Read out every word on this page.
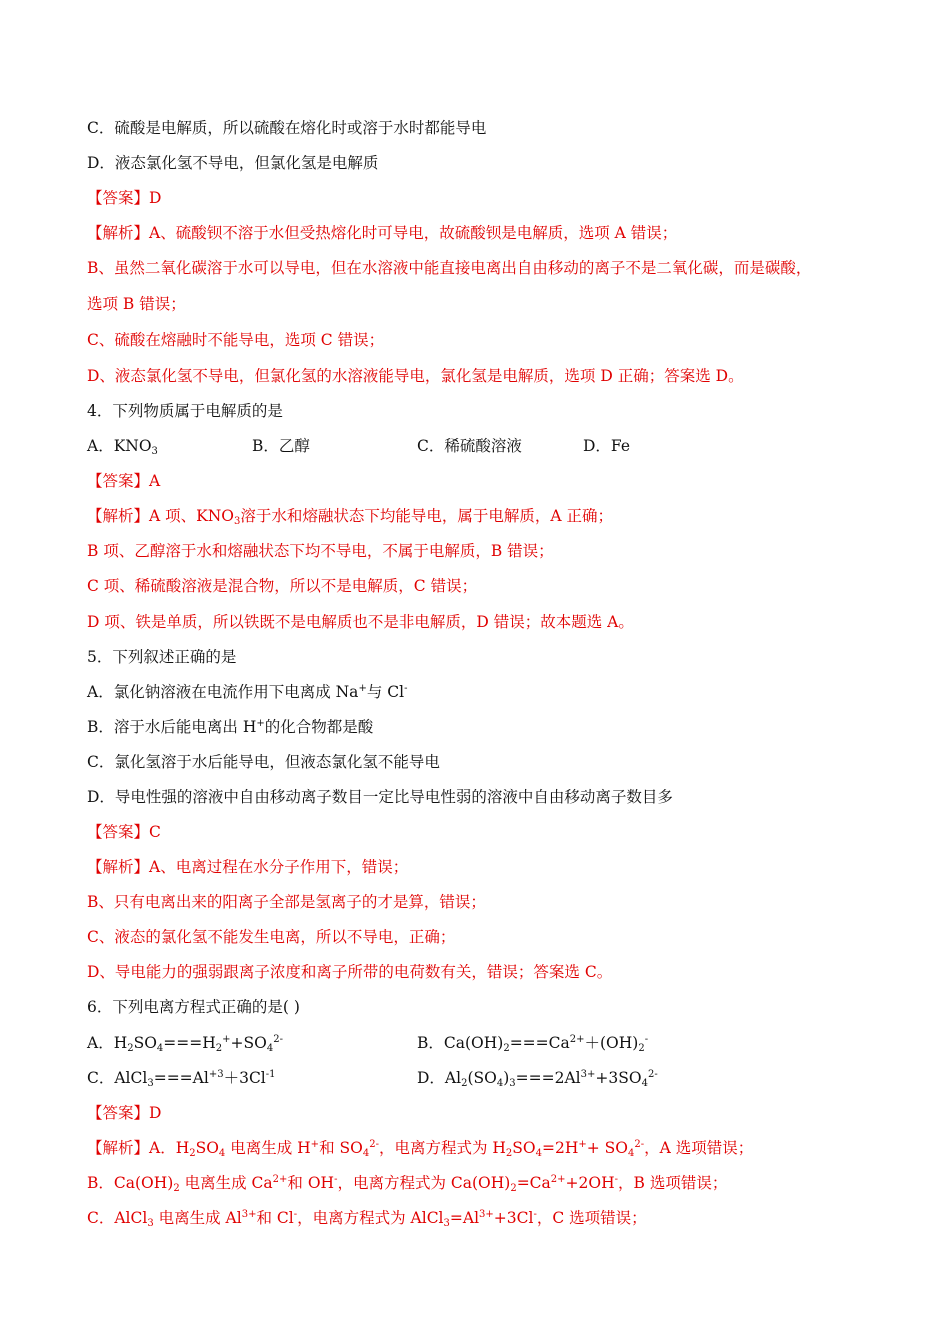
C．硫酸是电解质，所以硫酸在熔化时或溶于水时都能导电
D．液态氯化氢不导电，但氯化氢是电解质
【答案】D
【解析】A、硫酸钡不溶于水但受热熔化时可导电，故硫酸钡是电解质，选项 A 错误；
B、虽然二氧化碳溶于水可以导电，但在水溶液中能直接电离出自由移动的离子不是二氧化碳，而是碳酸，
选项 B 错误；
C、硫酸在熔融时不能导电，选项 C 错误；
D、液态氯化氢不导电，但氯化氢的水溶液能导电，氯化氢是电解质，选项 D 正确；答案选 D。
4．下列物质属于电解质的是
A．$KNO_3$	B．乙醇	C．稀硫酸溶液	D．Fe
【答案】A
【解析】A 项、$KNO_3$溶于水和熔融状态下均能导电，属于电解质，A 正确；
B 项、乙醇溶于水和熔融状态下均不导电，不属于电解质，B 错误；
C 项、稀硫酸溶液是混合物，所以不是电解质，C 错误；
D 项、铁是单质，所以铁既不是电解质也不是非电解质，D 错误；故本题选 A。
5．下列叙述正确的是
A．氯化钠溶液在电流作用下电离成 Na+与 Cl-
B．溶于水后能电离出 H+的化合物都是酸
C．氯化氢溶于水后能导电，但液态氯化氢不能导电
D．导电性强的溶液中自由移动离子数目一定比导电性弱的溶液中自由移动离子数目多
【答案】C
【解析】A、电离过程在水分子作用下，错误；
B、只有电离出来的阳离子全部是氢离子的才是算，错误；
C、液态的氯化氢不能发生电离，所以不导电，正确；
D、导电能力的强弱跟离子浓度和离子所带的电荷数有关，错误；答案选 C。
6．下列电离方程式正确的是( )
A．$H_2SO_4===H_2^++SO_4^{2-}$	B．$Ca(OH)_2===Ca^{2+}+(OH)_2^-$
C．$AlCl_3===Al^{+3}+3Cl^{-1}$	D．$Al_2(SO_4)_3===2Al^{3+}+3SO_4^{2-}$
【答案】D
【解析】A．$H_2SO_4$ 电离生成 H+和 $SO_4^{2-}$，电离方程式为 $H_2SO_4=2H^++ SO_4^{2-}$，A 选项错误；
B．$Ca(OH)_2$ 电离生成 $Ca^{2+}$和 OH-，电离方程式为 $Ca(OH)_2=Ca^{2+}+2OH^-$，B 选项错误；
C．AlCl$_3$ 电离生成 $Al^{3+}$和 Cl-，电离方程式为 $AlCl_3=Al^{3+}+3Cl^-$，C 选项错误；
